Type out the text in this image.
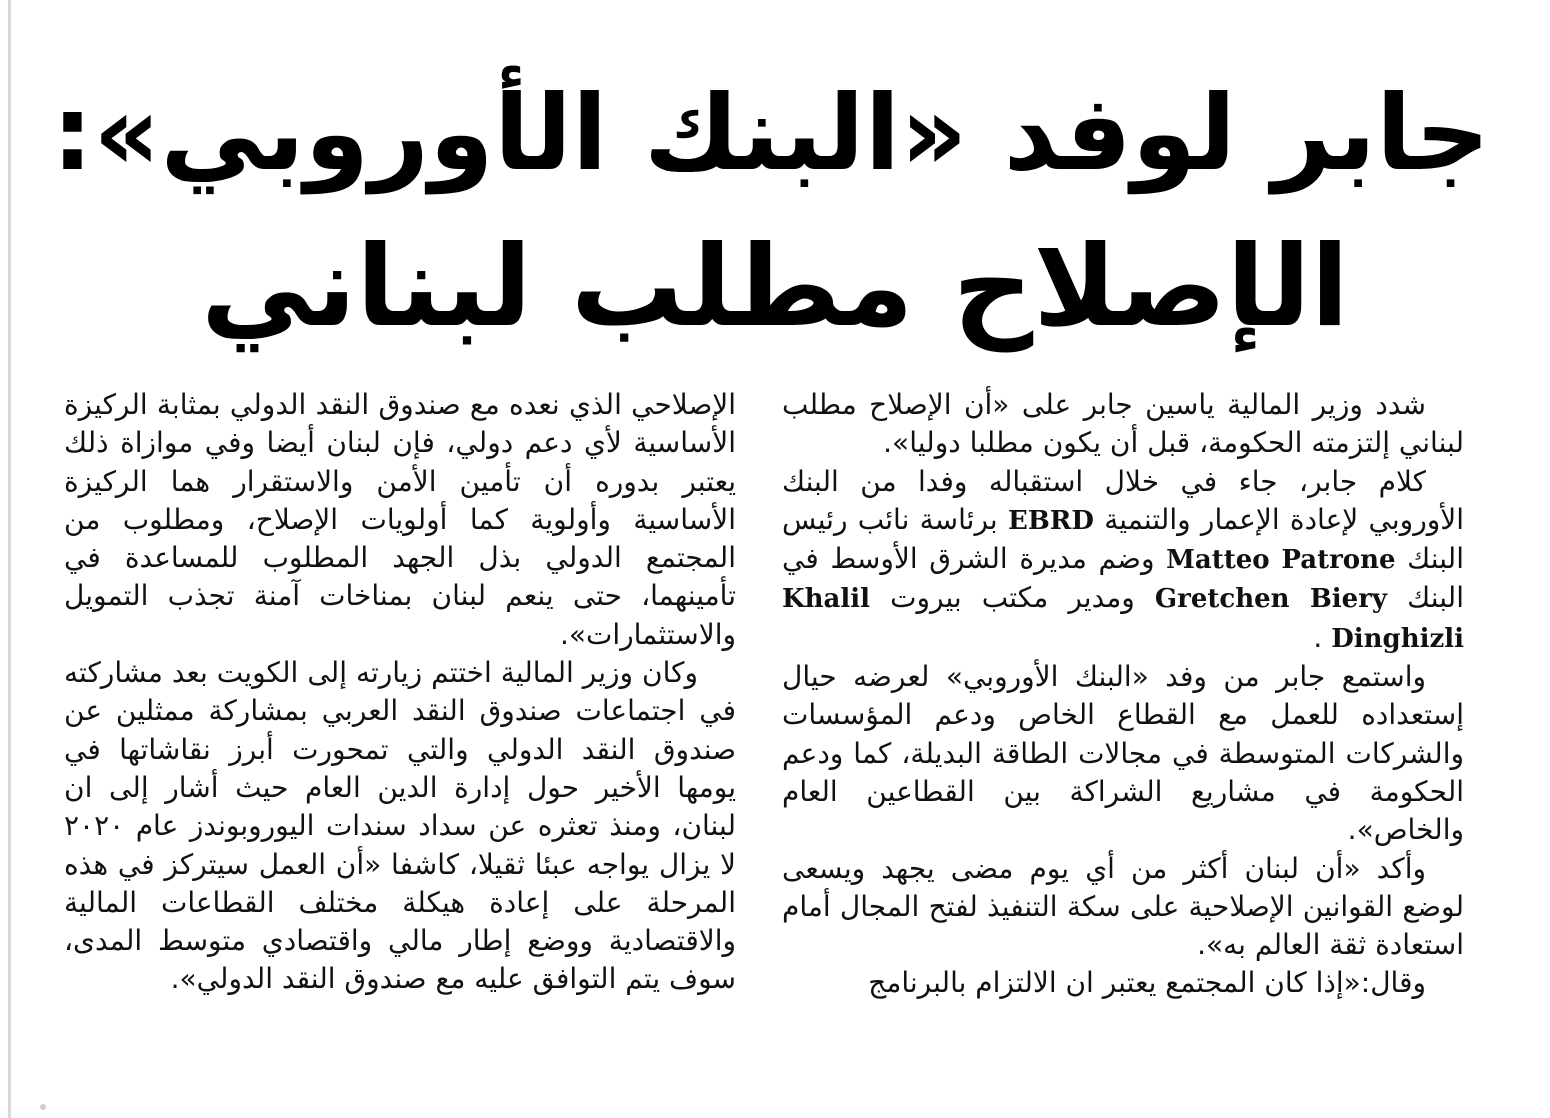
جابر لوفد «البنك الأوروبي»:
الإصلاح مطلب لبناني

شدد وزير المالية ياسين جابر على «أن الإصلاح مطلب لبناني إلتزمته الحكومة، قبل أن يكون مطلبا دوليا».

كلام جابر، جاء في خلال استقباله وفدا من البنك الأوروبي لإعادة الإعمار والتنمية EBRD برئاسة نائب رئيس البنك Matteo Patrone وضم مديرة الشرق الأوسط في البنك Gretchen Biery ومدير مكتب بيروت Khalil Dinghizli .

واستمع جابر من وفد «البنك الأوروبي» لعرضه حيال إستعداده للعمل مع القطاع الخاص ودعم المؤسسات والشركات المتوسطة في مجالات الطاقة البديلة، كما ودعم الحكومة في مشاريع الشراكة بين القطاعين العام والخاص».

وأكد «أن لبنان أكثر من أي يوم مضى يجهد ويسعى لوضع القوانين الإصلاحية على سكة التنفيذ لفتح المجال أمام استعادة ثقة العالم به».

وقال:«إذا كان المجتمع يعتبر ان الالتزام بالبرنامج

الإصلاحي الذي نعده مع صندوق النقد الدولي بمثابة الركيزة الأساسية لأي دعم دولي، فإن لبنان أيضا وفي موازاة ذلك يعتبر بدوره أن تأمين الأمن والاستقرار هما الركيزة الأساسية وأولوية كما أولويات الإصلاح، ومطلوب من المجتمع الدولي بذل الجهد المطلوب للمساعدة في تأمينهما، حتى ينعم لبنان بمناخات آمنة تجذب التمويل والاستثمارات».

وكان وزير المالية اختتم زيارته إلى الكويت بعد مشاركته في اجتماعات صندوق النقد العربي بمشاركة ممثلين عن صندوق النقد الدولي والتي تمحورت أبرز نقاشاتها في يومها الأخير حول إدارة الدين العام حيث أشار إلى ان لبنان، ومنذ تعثره عن سداد سندات اليوروبوندز عام ٢٠٢٠ لا يزال يواجه عبئا ثقيلا، كاشفا «أن العمل سيتركز في هذه المرحلة على إعادة هيكلة مختلف القطاعات المالية والاقتصادية ووضع إطار مالي واقتصادي متوسط المدى، سوف يتم التوافق عليه مع صندوق النقد الدولي».
